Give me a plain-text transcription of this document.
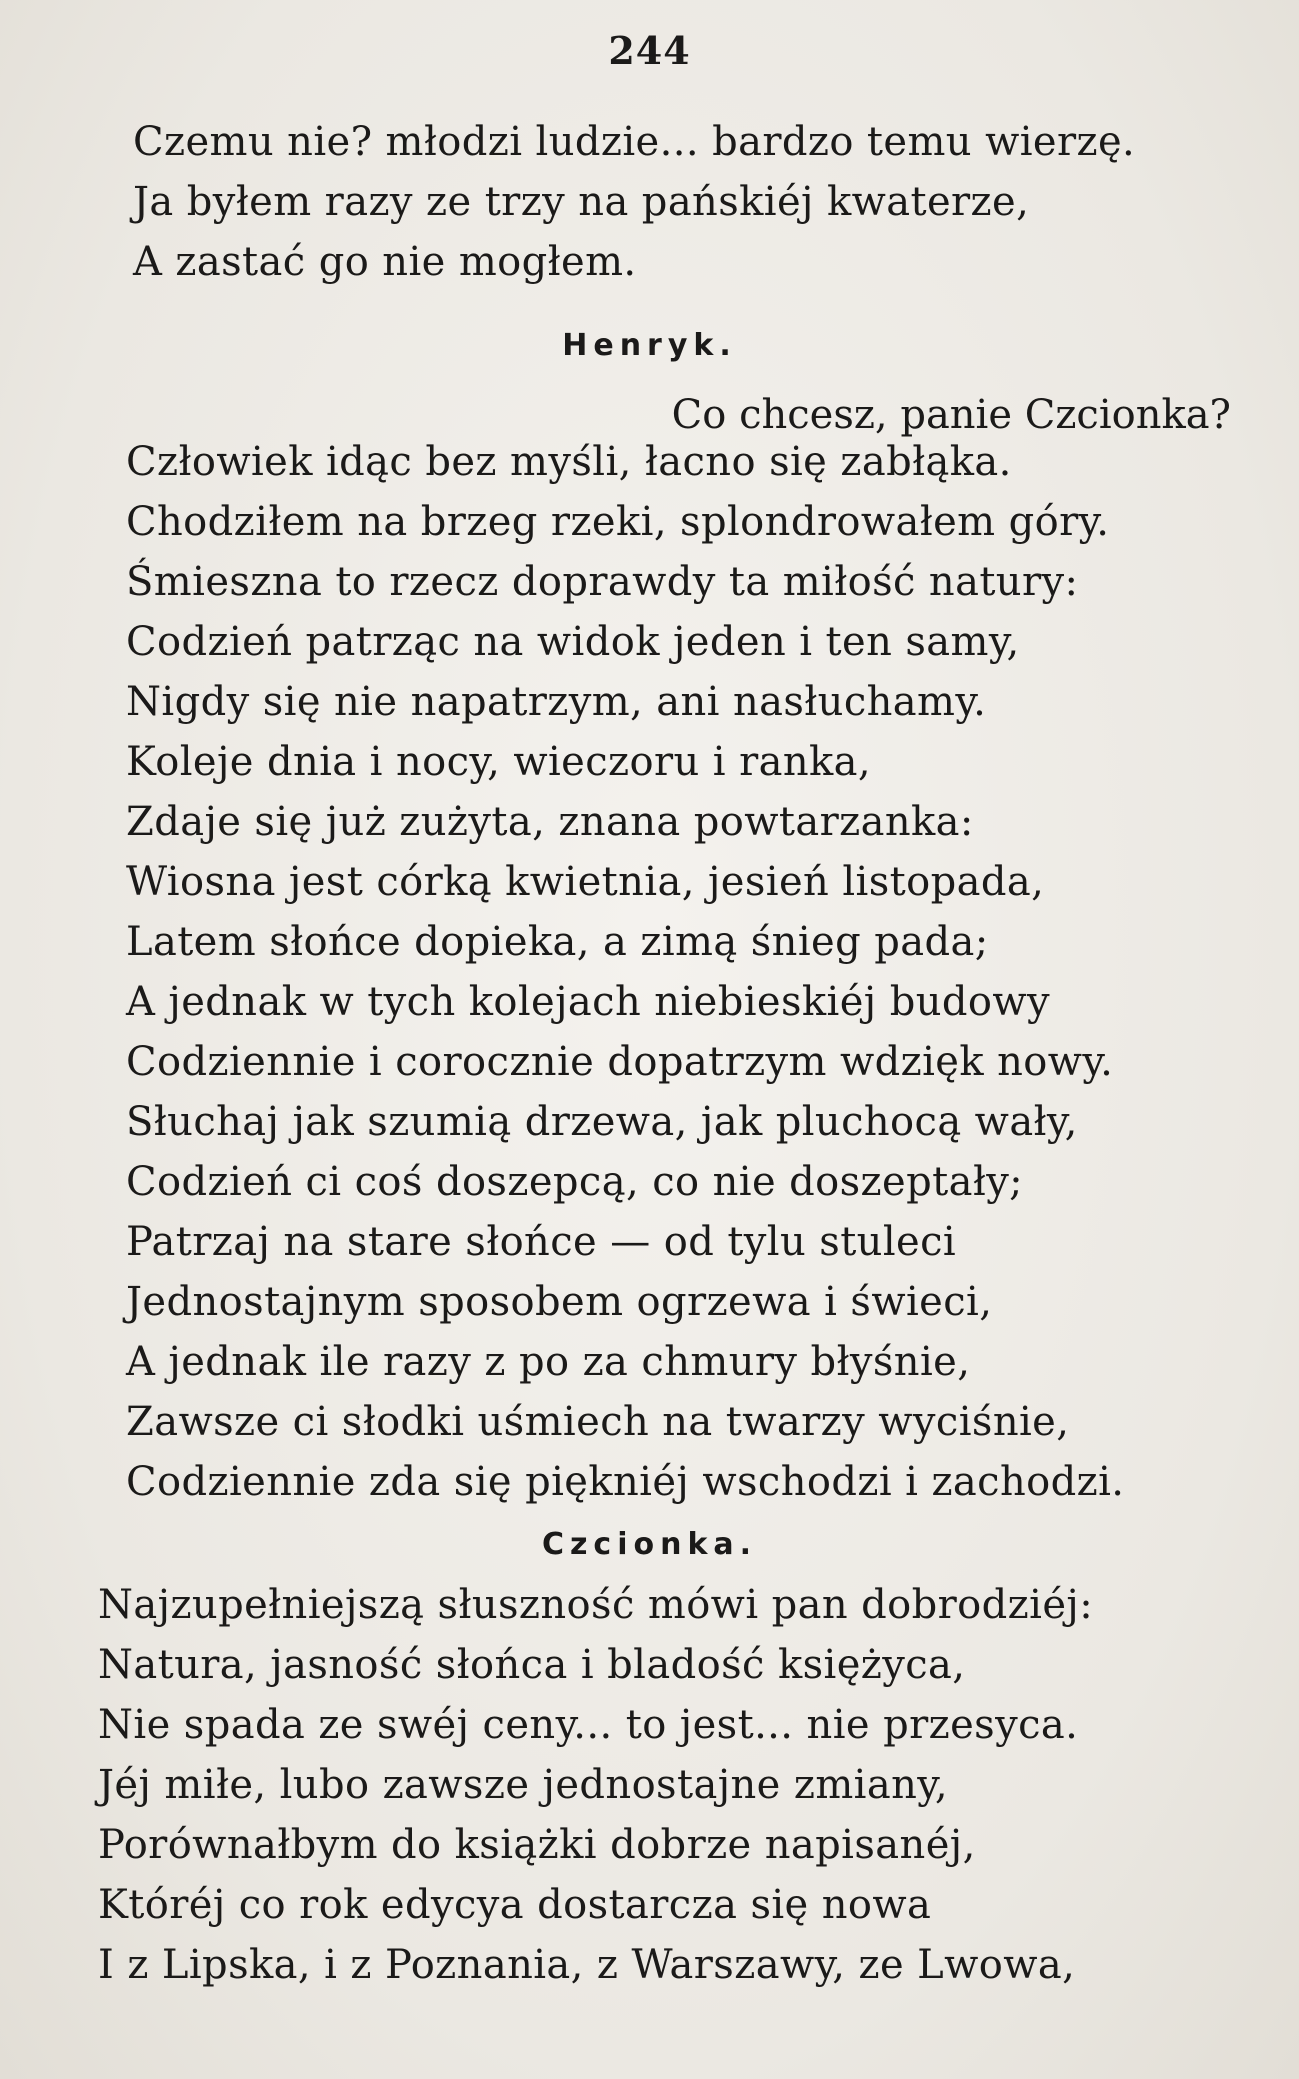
244
Czemu nie? młodzi ludzie... bardzo temu wierzę.
Ja byłem razy ze trzy na pańskiéj kwaterze,
A zastać go nie mogłem.
Henryk.
Co chcesz, panie Czcionka?
Człowiek idąc bez myśli, łacno się zabłąka.
Chodziłem na brzeg rzeki, splondrowałem góry.
Śmieszna to rzecz doprawdy ta miłość natury:
Codzień patrząc na widok jeden i ten samy,
Nigdy się nie napatrzym, ani nasłuchamy.
Koleje dnia i nocy, wieczoru i ranka,
Zdaje się już zużyta, znana powtarzanka:
Wiosna jest córką kwietnia, jesień listopada,
Latem słońce dopieka, a zimą śnieg pada;
A jednak w tych kolejach niebieskiéj budowy
Codziennie i corocznie dopatrzym wdzięk nowy.
Słuchaj jak szumią drzewa, jak pluchocą wały,
Codzień ci coś doszepcą, co nie doszeptały;
Patrzaj na stare słońce — od tylu stuleci
Jednostajnym sposobem ogrzewa i świeci,
A jednak ile razy z po za chmury błyśnie,
Zawsze ci słodki uśmiech na twarzy wyciśnie,
Codziennie zda się piękniéj wschodzi i zachodzi.
Czcionka.
Najzupełniejszą słuszność mówi pan dobrodziéj:
Natura, jasność słońca i bladość księżyca,
Nie spada ze swéj ceny... to jest... nie przesyca.
Jéj miłe, lubo zawsze jednostajne zmiany,
Porównałbym do książki dobrze napisanéj,
Któréj co rok edycya dostarcza się nowa
I z Lipska, i z Poznania, z Warszawy, ze Lwowa,
